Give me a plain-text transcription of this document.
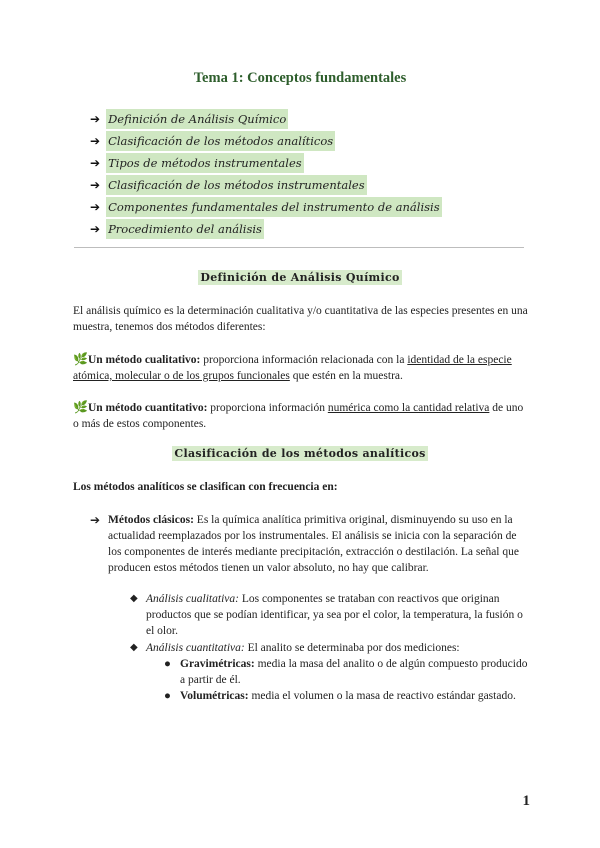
Tema 1: Conceptos fundamentales
➔ Definición de Análisis Químico
➔ Clasificación de los métodos analíticos
➔ Tipos de métodos instrumentales
➔ Clasificación de los métodos instrumentales
➔ Componentes fundamentales del instrumento de análisis
➔ Procedimiento del análisis
Definición de Análisis Químico
El análisis químico es la determinación cualitativa y/o cuantitativa de las especies presentes en una muestra, tenemos dos métodos diferentes:
🌿Un método cualitativo: proporciona información relacionada con la identidad de la especie atómica, molecular o de los grupos funcionales que estén en la muestra.
🌿Un método cuantitativo: proporciona información numérica como la cantidad relativa de uno o más de estos componentes.
Clasificación de los métodos analíticos
Los métodos analíticos se clasifican con frecuencia en:
➔ Métodos clásicos: Es la química analítica primitiva original, disminuyendo su uso en la actualidad reemplazados por los instrumentales. El análisis se inicia con la separación de los componentes de interés mediante precipitación, extracción o destilación. La señal que producen estos métodos tienen un valor absoluto, no hay que calibrar.
◆ Análisis cualitativa: Los componentes se trataban con reactivos que originan productos que se podían identificar, ya sea por el color, la temperatura, la fusión o el olor.
◆ Análisis cuantitativa: El analito se determinaba por dos mediciones:
● Gravimétricas: media la masa del analito o de algún compuesto producido a partir de él.
● Volumétricas: media el volumen o la masa de reactivo estándar gastado.
1
